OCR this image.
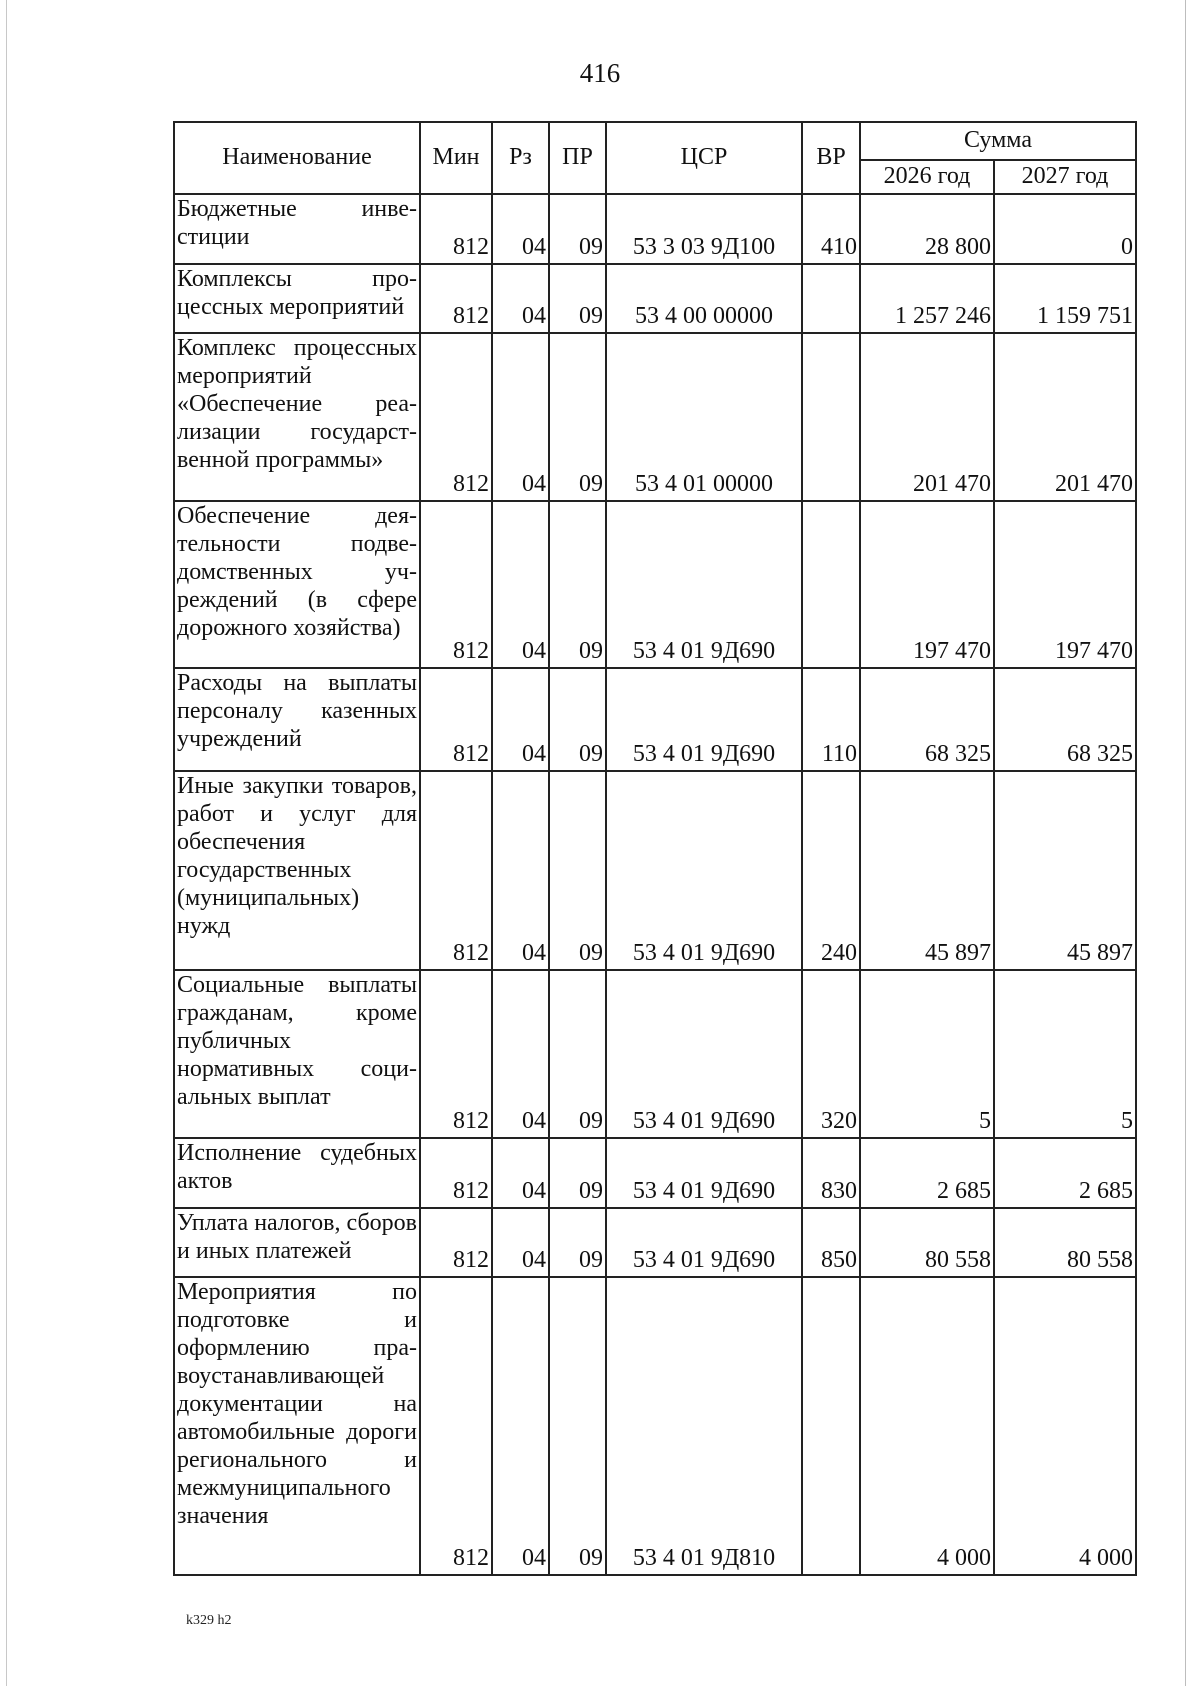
416
Наименование	Мин	Рз	ПР	ЦСР	ВР	Сумма	
						2026 год	2027 год
Бюджетные инвестиции	812	04	09	53 3 03 9Д100	410	28 800	0
Комплексы процессных мероприятий	812	04	09	53 4 00 00000		1 257 246	1 159 751
Комплекс процессных мероприятий «Обеспечение реализации государственной программы»	812	04	09	53 4 01 00000		201 470	201 470
Обеспечение деятельности подведомственных учреждений (в сфере дорожного хозяйства)	812	04	09	53 4 01 9Д690		197 470	197 470
Расходы на выплаты персоналу казенных учреждений	812	04	09	53 4 01 9Д690	110	68 325	68 325
Иные закупки товаров, работ и услуг для обеспечения государственных (муниципальных) нужд	812	04	09	53 4 01 9Д690	240	45 897	45 897
Социальные выплаты гражданам, кроме публичных нормативных социальных выплат	812	04	09	53 4 01 9Д690	320	5	5
Исполнение судебных актов	812	04	09	53 4 01 9Д690	830	2 685	2 685
Уплата налогов, сборов и иных платежей	812	04	09	53 4 01 9Д690	850	80 558	80 558
Мероприятия по подготовке и оформлению правоустанавливающей документации на автомобильные дороги регионального и межмуниципального значения	812	04	09	53 4 01 9Д810		4 000	4 000
k329 h2
